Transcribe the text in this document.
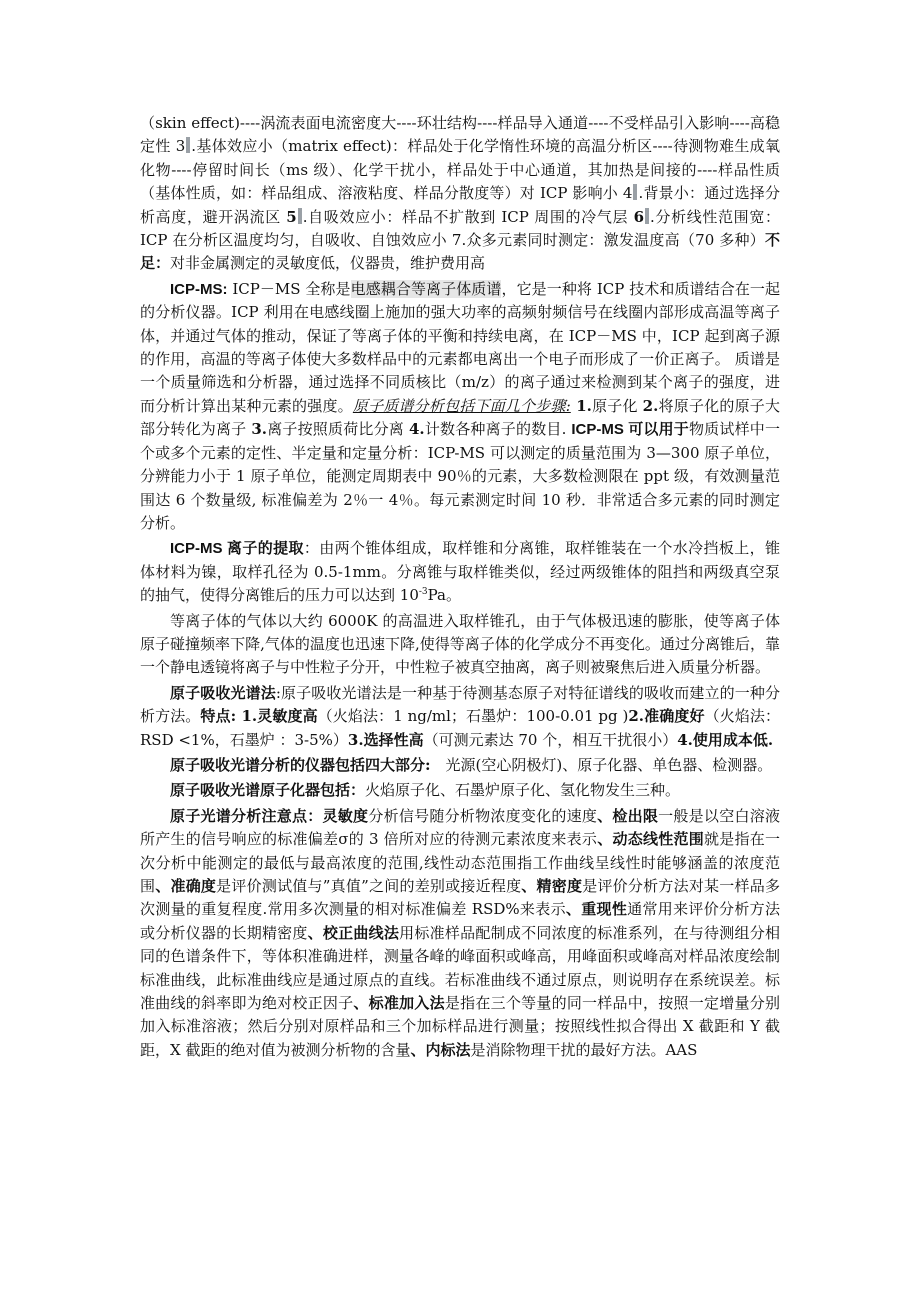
（skin effect)----涡流表面电流密度大----环壮结构----样品导入通道----不受样品引入影响----高稳定性 3 .基体效应小（matrix effect)：样品处于化学惰性环境的高温分析区----待测物难生成氧化物----停留时间长（ms 级）、化学干扰小，样品处于中心通道，其加热是间接的----样品性质（基体性质，如：样品组成、溶液粘度、样品分散度等）对 ICP 影响小 4 .背景小：通过选择分析高度，避开涡流区 5 .自吸效应小：样品不扩散到 ICP 周围的冷气层 6 .分析线性范围宽：ICP 在分析区温度均匀，自吸收、自蚀效应小 7.众多元素同时测定：激发温度高（70 多种）不足：对非金属测定的灵敏度低，仪器贵，维护费用高

ICP-MS: ICP－MS 全称是电感耦合等离子体质谱，它是一种将 ICP 技术和质谱结合在一起的分析仪器。ICP 利用在电感线圈上施加的强大功率的高频射频信号在线圈内部形成高温等离子体，并通过气体的推动，保证了等离子体的平衡和持续电离，在 ICP－MS 中，ICP 起到离子源的作用，高温的等离子体使大多数样品中的元素都电离出一个电子而形成了一价正离子。 质谱是一个质量筛选和分析器，通过选择不同质核比（m/z）的离子通过来检测到某个离子的强度，进而分析计算出某种元素的强度。原子质谱分析包括下面几个步骤: 1.原子化 2.将原子化的原子大部分转化为离子 3.离子按照质荷比分离 4.计数各种离子的数目. ICP-MS 可以用于物质试样中一个或多个元素的定性、半定量和定量分析：ICP-MS 可以测定的质量范围为 3—300 原子单位，分辨能力小于 1 原子单位，能测定周期表中 90％的元素，大多数检测限在 ppt 级，有效测量范围达 6 个数量级, 标准偏差为 2％一 4％。每元素测定时间 10 秒．非常适合多元素的同时测定分析。

ICP-MS 离子的提取：由两个锥体组成，取样锥和分离锥，取样锥装在一个水冷挡板上，锥体材料为镍，取样孔径为 0.5-1mm。分离锥与取样锥类似，经过两级锥体的阻挡和两级真空泵的抽气，使得分离锥后的压力可以达到 $10^{-3}Pa$。

等离子体的气体以大约 6000K 的高温进入取样锥孔，由于气体极迅速的膨胀，使等离子体原子碰撞频率下降,气体的温度也迅速下降,使得等离子体的化学成分不再变化。通过分离锥后，靠一个静电透镜将离子与中性粒子分开，中性粒子被真空抽离，离子则被聚焦后进入质量分析器。

原子吸收光谱法:原子吸收光谱法是一种基于待测基态原子对特征谱线的吸收而建立的一种分析方法。特点: 1.灵敏度高（火焰法：1 ng/ml；石墨炉：100-0.01 pg )2.准确度好（火焰法：RSD <1%，石墨炉 ：3-5%）3.选择性高（可测元素达 70 个，相互干扰很小）4.使用成本低.

原子吸收光谱分析的仪器包括四大部分:　光源(空心阴极灯)、原子化器、单色器、检测器。

原子吸收光谱原子化器包括：火焰原子化、石墨炉原子化、氢化物发生三种。

原子光谱分析注意点：灵敏度分析信号随分析物浓度变化的速度、检出限一般是以空白溶液所产生的信号响应的标准偏差σ的 3 倍所对应的待测元素浓度来表示、动态线性范围就是指在一次分析中能测定的最低与最高浓度的范围,线性动态范围指工作曲线呈线性时能够涵盖的浓度范围、准确度是评价测试值与”真值”之间的差别或接近程度、精密度是评价分析方法对某一样品多次测量的重复程度.常用多次测量的相对标准偏差 RSD%来表示、重现性通常用来评价分析方法或分析仪器的长期精密度、校正曲线法用标准样品配制成不同浓度的标准系列，在与待测组分相同的色谱条件下，等体积准确进样，测量各峰的峰面积或峰高，用峰面积或峰高对样品浓度绘制标准曲线，此标准曲线应是通过原点的直线。若标准曲线不通过原点，则说明存在系统误差。标准曲线的斜率即为绝对校正因子、标准加入法是指在三个等量的同一样品中，按照一定增量分别加入标准溶液；然后分别对原样品和三个加标样品进行测量；按照线性拟合得出 X 截距和 Y 截距，X 截距的绝对值为被测分析物的含量、内标法是消除物理干扰的最好方法。AAS
